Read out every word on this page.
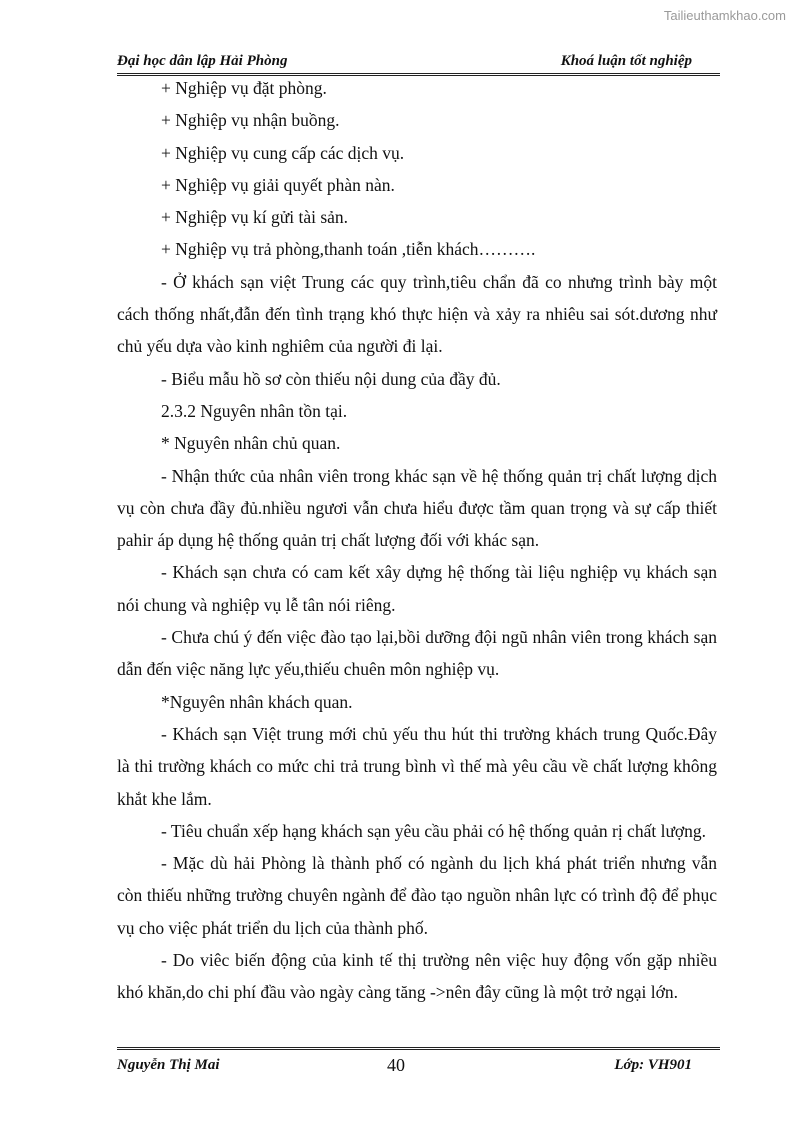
Tailieuthamkhao.com
Đại học dân lập Hải Phòng	Khoá luận tốt nghiệp

+ Nghiệp vụ đặt phòng.

+ Nghiệp vụ nhận buồng.

+ Nghiệp vụ cung cấp các dịch vụ.

+ Nghiệp vụ giải quyết phàn nàn.

+ Nghiệp vụ kí gửi tài sản.

+ Nghiệp vụ trả phòng,thanh toán ,tiễn khách……….

- Ở khách sạn việt Trung các quy trình,tiêu chẩn đã co nhưng trình bày một cách thống nhất,đẫn đến tình trạng khó thực hiện và xảy ra nhiêu sai sót.dương như chủ yếu dựa vào kinh nghiêm của người đi lại.

- Biểu mẫu hồ sơ còn thiếu nội dung của đầy đủ.

2.3.2 Nguyên nhân tồn tại.

* Nguyên nhân chủ quan.

- Nhận thức của nhân viên trong khác sạn về hệ thống quản trị chất lượng dịch vụ còn chưa đầy đủ.nhiều ngươi vẫn chưa hiểu được tầm quan trọng và sự cấp thiết pahir áp dụng hệ thống quản trị chất lượng đối với khác sạn.

- Khách sạn chưa có cam kết xây dựng hệ thống tài liệu nghiệp vụ khách sạn nói chung và nghiệp vụ lễ tân nói riêng.

- Chưa chú ý đến việc đào tạo lại,bồi dưỡng đội ngũ nhân viên trong khách sạn dẫn đến việc năng lực yếu,thiếu chuên môn nghiệp vụ.

*Nguyên nhân khách quan.

- Khách sạn Việt trung mới chủ yếu thu hút thi trường khách trung Quốc.Đây là thi trường khách co mức chi trả trung bình vì thế mà yêu cầu về chất lượng không khắt khe lắm.

- Tiêu chuẩn xếp hạng khách sạn yêu cầu phải có hệ thống quản rị chất lượng.

- Mặc dù hải Phòng là thành phố có ngành du lịch khá phát triển nhưng vẫn còn thiếu những trường chuyên ngành để đào tạo nguồn nhân lực có trình độ để phục vụ cho việc phát triển du lịch của thành phố.

- Do viêc biến động của kinh tế thị trường nên việc huy động vốn gặp nhiều khó khăn,do chi phí đầu vào ngày càng tăng ->nên đây cũng là một trở ngại lớn.

Nguyễn Thị Mai	40	Lớp: VH901
